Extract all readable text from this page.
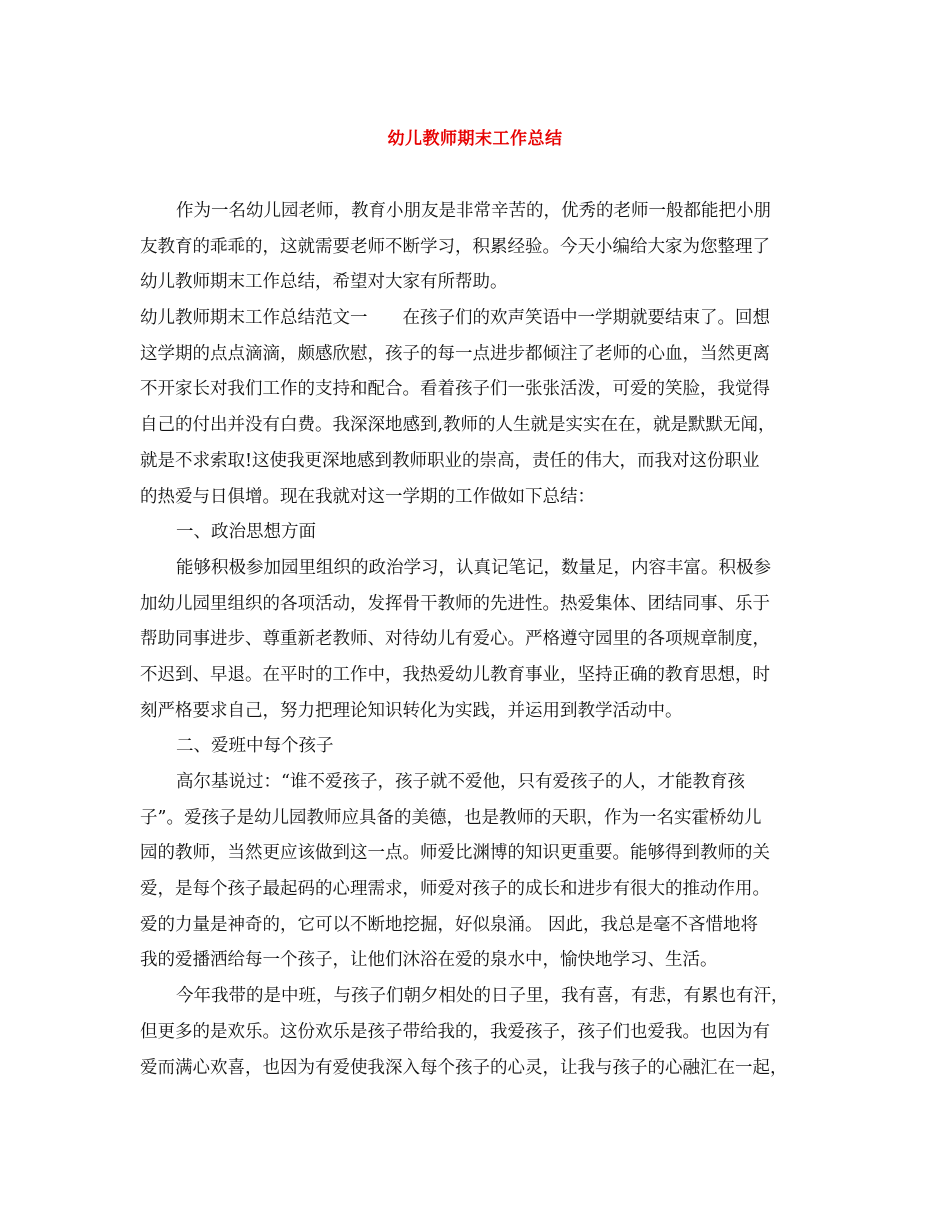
幼儿教师期末工作总结
作为一名幼儿园老师，教育小朋友是非常辛苦的，优秀的老师一般都能把小朋
友教育的乖乖的，这就需要老师不断学习，积累经验。今天小编给大家为您整理了
幼儿教师期末工作总结，希望对大家有所帮助。
幼儿教师期末工作总结范文一　　在孩子们的欢声笑语中一学期就要结束了。回想
这学期的点点滴滴，颇感欣慰，孩子的每一点进步都倾注了老师的心血，当然更离
不开家长对我们工作的支持和配合。看着孩子们一张张活泼，可爱的笑脸，我觉得
自己的付出并没有白费。我深深地感到,教师的人生就是实实在在，就是默默无闻，
就是不求索取!这使我更深地感到教师职业的崇高，责任的伟大，而我对这份职业
的热爱与日俱增。现在我就对这一学期的工作做如下总结：
一、政治思想方面
能够积极参加园里组织的政治学习，认真记笔记，数量足，内容丰富。积极参
加幼儿园里组织的各项活动，发挥骨干教师的先进性。热爱集体、团结同事、乐于
帮助同事进步、尊重新老教师、对待幼儿有爱心。严格遵守园里的各项规章制度，
不迟到、早退。在平时的工作中，我热爱幼儿教育事业，坚持正确的教育思想，时
刻严格要求自己，努力把理论知识转化为实践，并运用到教学活动中。
二、爱班中每个孩子
高尔基说过：“谁不爱孩子，孩子就不爱他，只有爱孩子的人，才能教育孩
子”。爱孩子是幼儿园教师应具备的美德，也是教师的天职，作为一名实霍桥幼儿
园的教师，当然更应该做到这一点。师爱比渊博的知识更重要。能够得到教师的关
爱，是每个孩子最起码的心理需求，师爱对孩子的成长和进步有很大的推动作用。
爱的力量是神奇的，它可以不断地挖掘，好似泉涌。 因此，我总是毫不吝惜地将
我的爱播洒给每一个孩子，让他们沐浴在爱的泉水中，愉快地学习、生活。
今年我带的是中班，与孩子们朝夕相处的日子里，我有喜，有悲，有累也有汗，
但更多的是欢乐。这份欢乐是孩子带给我的，我爱孩子，孩子们也爱我。也因为有
爱而满心欢喜，也因为有爱使我深入每个孩子的心灵，让我与孩子的心融汇在一起，
